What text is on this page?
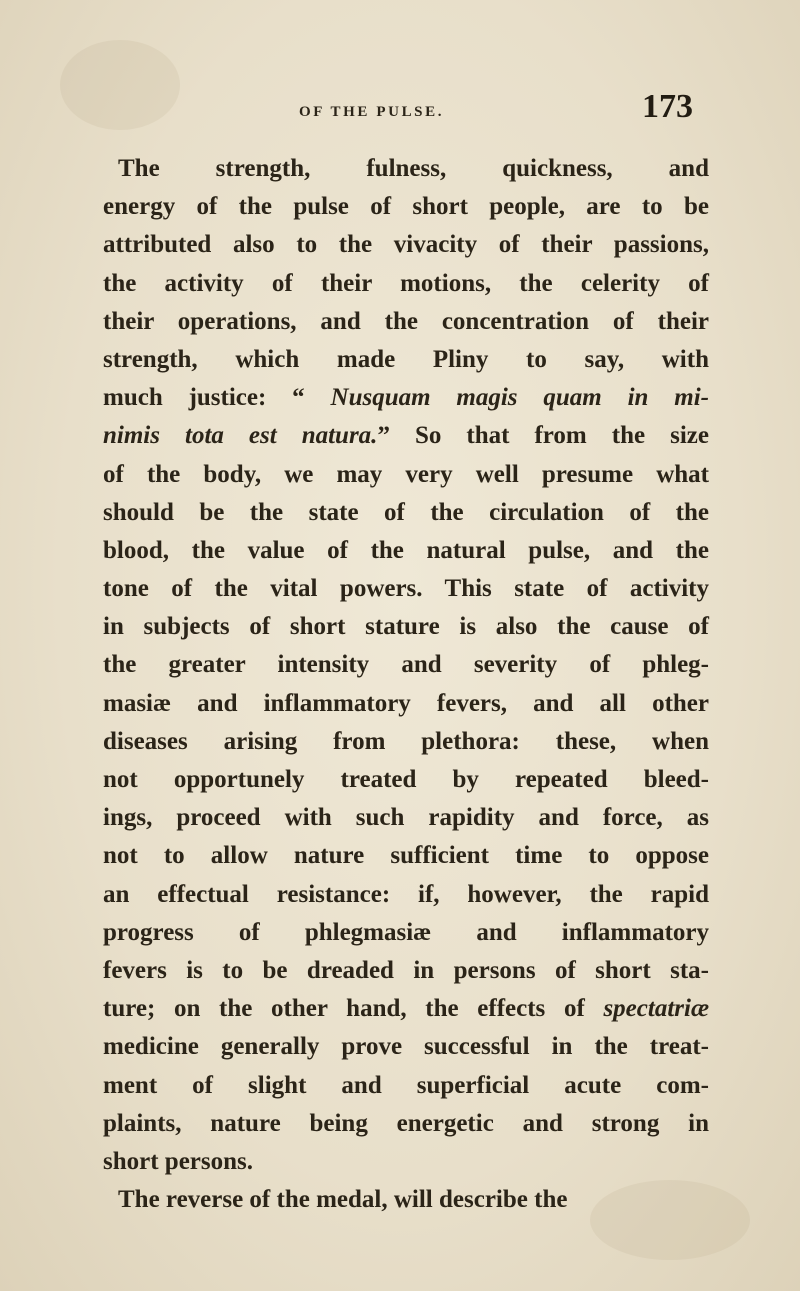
OF THE PULSE.	173
The strength, fulness, quickness, and
energy of the pulse of short people, are to be
attributed also to the vivacity of their passions,
the activity of their motions, the celerity of
their operations, and the concentration of their
strength, which made Pliny to say, with
much justice: “ Nusquam magis quam in mi-
nimis tota est natura.” So that from the size
of the body, we may very well presume what
should be the state of the circulation of the
blood, the value of the natural pulse, and the
tone of the vital powers. This state of activity
in subjects of short stature is also the cause of
the greater intensity and severity of phleg-
masiæ and inflammatory fevers, and all other
diseases arising from plethora: these, when
not opportunely treated by repeated bleed-
ings, proceed with such rapidity and force, as
not to allow nature sufficient time to oppose
an effectual resistance: if, however, the rapid
progress of phlegmasiæ and inflammatory
fevers is to be dreaded in persons of short sta-
ture; on the other hand, the effects of spectatriæ
medicine generally prove successful in the treat-
ment of slight and superficial acute com-
plaints, nature being energetic and strong in
short persons.
The reverse of the medal, will describe the
